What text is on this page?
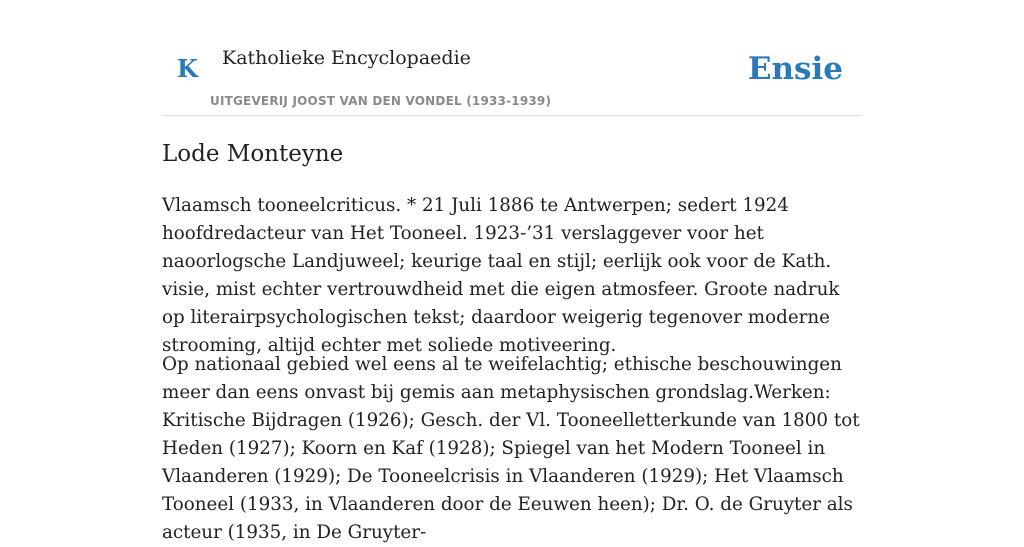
K Katholieke Encyclopaedie
UITGEVERIJ JOOST VAN DEN VONDEL (1933-1939)
Ensie
Lode Monteyne

Vlaamsch tooneelcriticus. * 21 Juli 1886 te Antwerpen; sedert 1924 hoofdredacteur van Het Tooneel. 1923-’31 verslaggever voor het naoorlogsche Landjuweel; keurige taal en stijl; eerlijk ook voor de Kath. visie, mist echter vertrouwdheid met die eigen atmosfeer. Groote nadruk op literairpsychologischen tekst; daardoor weigerig tegenover moderne strooming, altijd echter met soliede motiveering.

Op nationaal gebied wel eens al te weifelachtig; ethische beschouwingen meer dan eens onvast bij gemis aan metaphysischen grondslag.Werken: Kritische Bijdragen (1926); Gesch. der Vl. Tooneelletterkunde van 1800 tot Heden (1927); Koorn en Kaf (1928); Spiegel van het Modern Tooneel in Vlaanderen (1929); De Tooneelcrisis in Vlaanderen (1929); Het Vlaamsch Tooneel (1933, in Vlaanderen door de Eeuwen heen); Dr. O. de Gruyter als acteur (1935, in De Gruyter-
